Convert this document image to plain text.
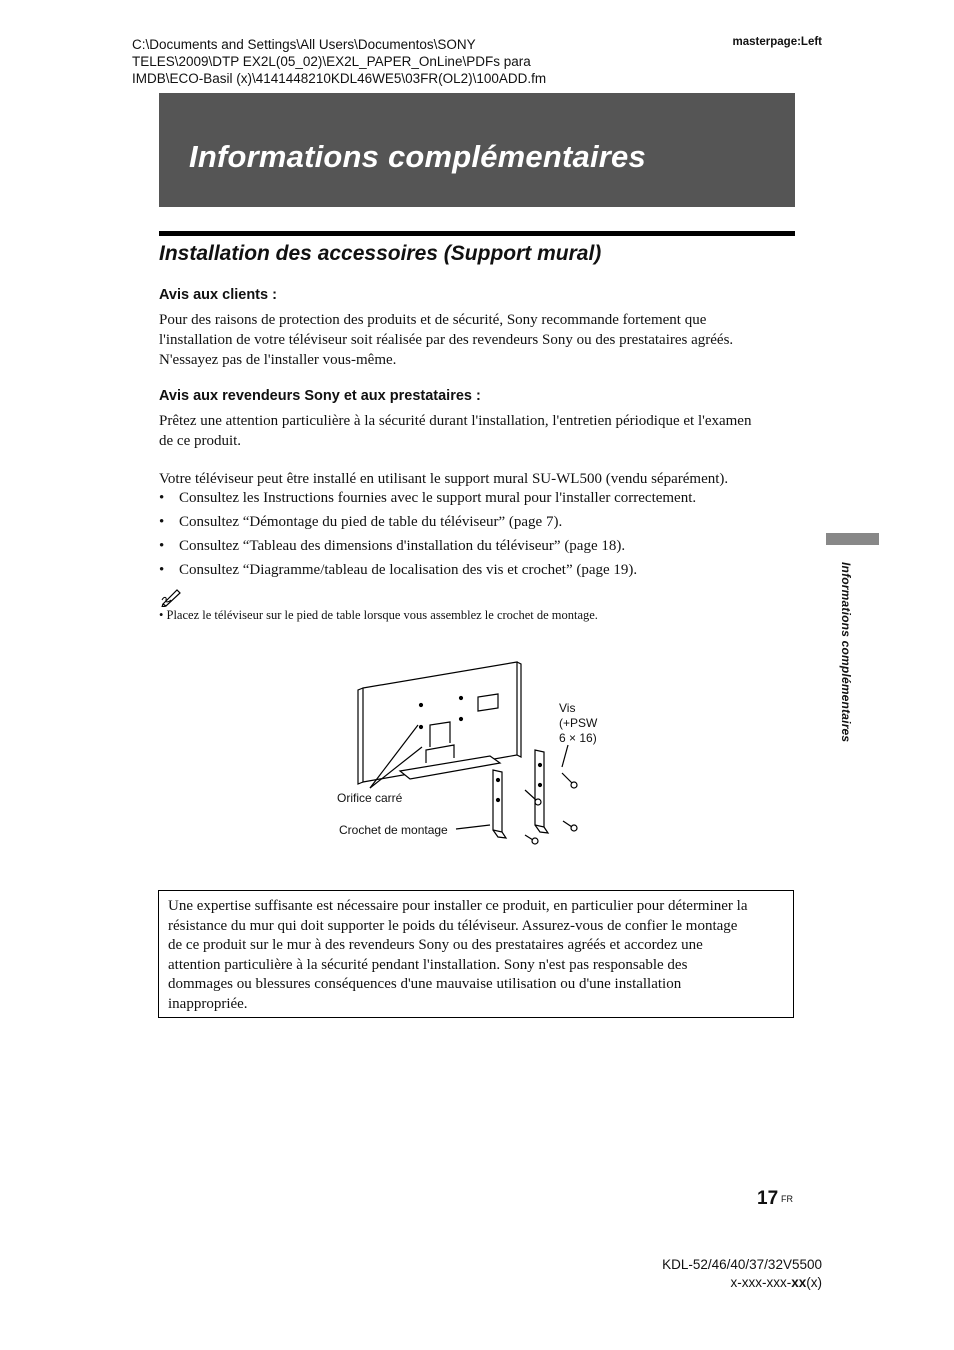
C:\Documents and Settings\All Users\Documentos\SONY
TELES\2009\DTP EX2L(05_02)\EX2L_PAPER_OnLine\PDFs para
IMDB\ECO-Basil (x)\4141448210KDL46WE5\03FR(OL2)\100ADD.fm
masterpage:Left
Informations complémentaires
Installation des accessoires (Support mural)
Avis aux clients :
Pour des raisons de protection des produits et de sécurité, Sony recommande fortement que
l'installation de votre téléviseur soit réalisée par des revendeurs Sony ou des prestataires agréés.
N'essayez pas de l'installer vous-même.
Avis aux revendeurs Sony et aux prestataires :
Prêtez une attention particulière à la sécurité durant l'installation, l'entretien périodique et l'examen
de ce produit.
Votre téléviseur peut être installé en utilisant le support mural SU-WL500 (vendu séparément).
• Consultez les Instructions fournies avec le support mural pour l'installer correctement.
• Consultez “Démontage du pied de table du téléviseur” (page 7).
• Consultez “Tableau des dimensions d'installation du téléviseur” (page 18).
• Consultez “Diagramme/tableau de localisation des vis et crochet” (page 19).
• Placez le téléviseur sur le pied de table lorsque vous assemblez le crochet de montage.
Vis
(+PSW
6 × 16)
Orifice carré
Crochet de montage

Une expertise suffisante est nécessaire pour installer ce produit, en particulier pour déterminer la
résistance du mur qui doit supporter le poids du téléviseur. Assurez-vous de confier le montage
de ce produit sur le mur à des revendeurs Sony ou des prestataires agréés et accordez une
attention particulière à la sécurité pendant l'installation. Sony n'est pas responsable des
dommages ou blessures conséquences d'une mauvaise utilisation ou d'une installation
inappropriée.

Informations complémentaires
17 FR
KDL-52/46/40/37/32V5500
x-xxx-xxx-xx(x)
